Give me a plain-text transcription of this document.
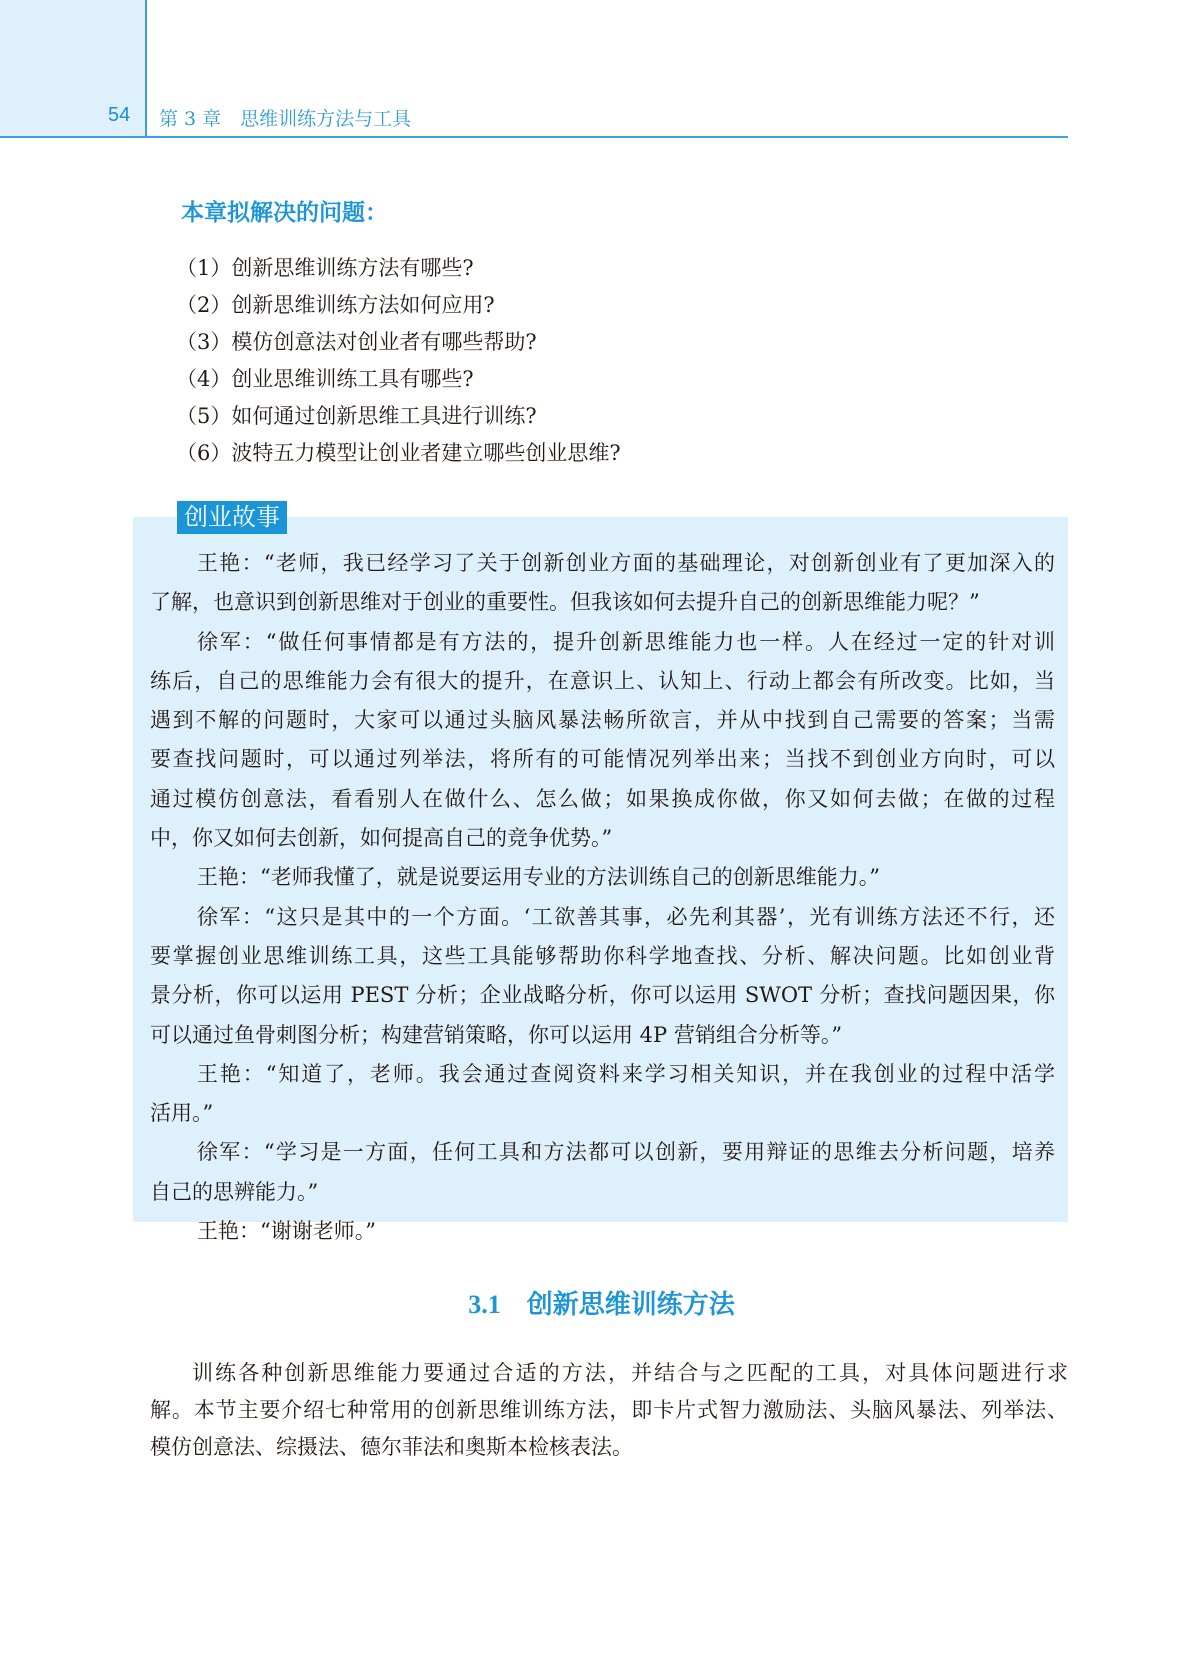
54 第 3 章　思维训练方法与工具
本章拟解决的问题：
（1）创新思维训练方法有哪些?
（2）创新思维训练方法如何应用?
（3）模仿创意法对创业者有哪些帮助?
（4）创业思维训练工具有哪些?
（5）如何通过创新思维工具进行训练?
（6）波特五力模型让创业者建立哪些创业思维?
创业故事
王艳：“老师，我已经学习了关于创新创业方面的基础理论，对创新创业有了更加深入的
了解，也意识到创新思维对于创业的重要性。但我该如何去提升自己的创新思维能力呢？”
徐军：“做任何事情都是有方法的，提升创新思维能力也一样。人在经过一定的针对训
练后，自己的思维能力会有很大的提升，在意识上、认知上、行动上都会有所改变。比如，当
遇到不解的问题时，大家可以通过头脑风暴法畅所欲言，并从中找到自己需要的答案；当需
要查找问题时，可以通过列举法，将所有的可能情况列举出来；当找不到创业方向时，可以
通过模仿创意法，看看别人在做什么、怎么做；如果换成你做，你又如何去做；在做的过程
中，你又如何去创新，如何提高自己的竞争优势。”
王艳：“老师我懂了，就是说要运用专业的方法训练自己的创新思维能力。”
徐军：“这只是其中的一个方面。‘工欲善其事，必先利其器’，光有训练方法还不行，还
要掌握创业思维训练工具，这些工具能够帮助你科学地查找、分析、解决问题。比如创业背
景分析，你可以运用 PEST 分析；企业战略分析，你可以运用 SWOT 分析；查找问题因果，你
可以通过鱼骨刺图分析；构建营销策略，你可以运用 4P 营销组合分析等。”
王艳：“知道了，老师。我会通过查阅资料来学习相关知识，并在我创业的过程中活学
活用。”
徐军：“学习是一方面，任何工具和方法都可以创新，要用辩证的思维去分析问题，培养
自己的思辨能力。”
王艳：“谢谢老师。”
3.1 创新思维训练方法
训练各种创新思维能力要通过合适的方法，并结合与之匹配的工具，对具体问题进行求
解。本节主要介绍七种常用的创新思维训练方法，即卡片式智力激励法、头脑风暴法、列举法、
模仿创意法、综摄法、德尔菲法和奥斯本检核表法。
